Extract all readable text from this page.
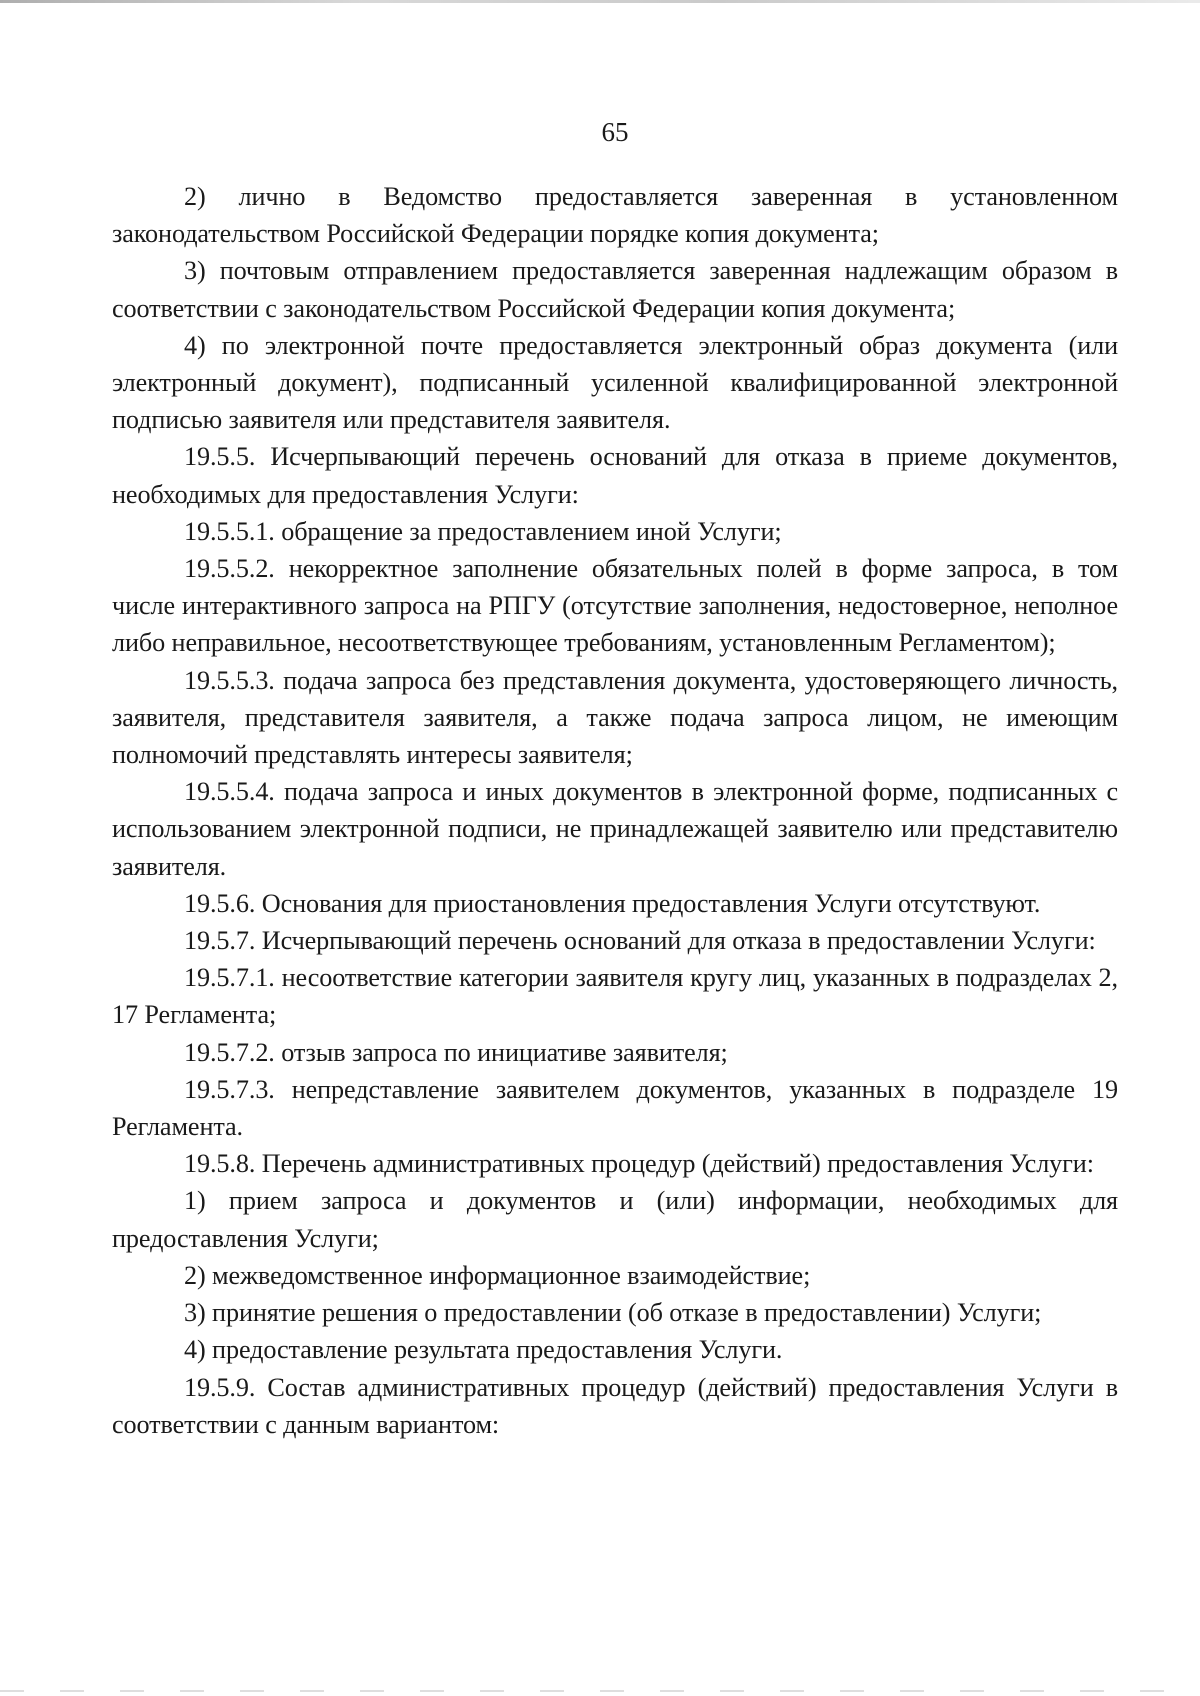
65

2) лично в Ведомство предоставляется заверенная в установленном законодательством Российской Федерации порядке копия документа;

3) почтовым отправлением предоставляется заверенная надлежащим образом в соответствии с законодательством Российской Федерации копия документа;

4) по электронной почте предоставляется электронный образ документа (или электронный документ), подписанный усиленной квалифицированной электронной подписью заявителя или представителя заявителя.

19.5.5. Исчерпывающий перечень оснований для отказа в приеме документов, необходимых для предоставления Услуги:

19.5.5.1. обращение за предоставлением иной Услуги;

19.5.5.2. некорректное заполнение обязательных полей в форме запроса, в том числе интерактивного запроса на РПГУ (отсутствие заполнения, недостоверное, неполное либо неправильное, несоответствующее требованиям, установленным Регламентом);

19.5.5.3. подача запроса без представления документа, удостоверяющего личность, заявителя, представителя заявителя, а также подача запроса лицом, не имеющим полномочий представлять интересы заявителя;

19.5.5.4. подача запроса и иных документов в электронной форме, подписанных с использованием электронной подписи, не принадлежащей заявителю или представителю заявителя.

19.5.6. Основания для приостановления предоставления Услуги отсутствуют.

19.5.7. Исчерпывающий перечень оснований для отказа в предоставлении Услуги:

19.5.7.1. несоответствие категории заявителя кругу лиц, указанных в подразделах 2, 17 Регламента;

19.5.7.2. отзыв запроса по инициативе заявителя;

19.5.7.3. непредставление заявителем документов, указанных в подразделе 19 Регламента.

19.5.8. Перечень административных процедур (действий) предоставления Услуги:

1) прием запроса и документов и (или) информации, необходимых для предоставления Услуги;

2) межведомственное информационное взаимодействие;

3) принятие решения о предоставлении (об отказе в предоставлении) Услуги;

4) предоставление результата предоставления Услуги.

19.5.9. Состав административных процедур (действий) предоставления Услуги в соответствии с данным вариантом:
